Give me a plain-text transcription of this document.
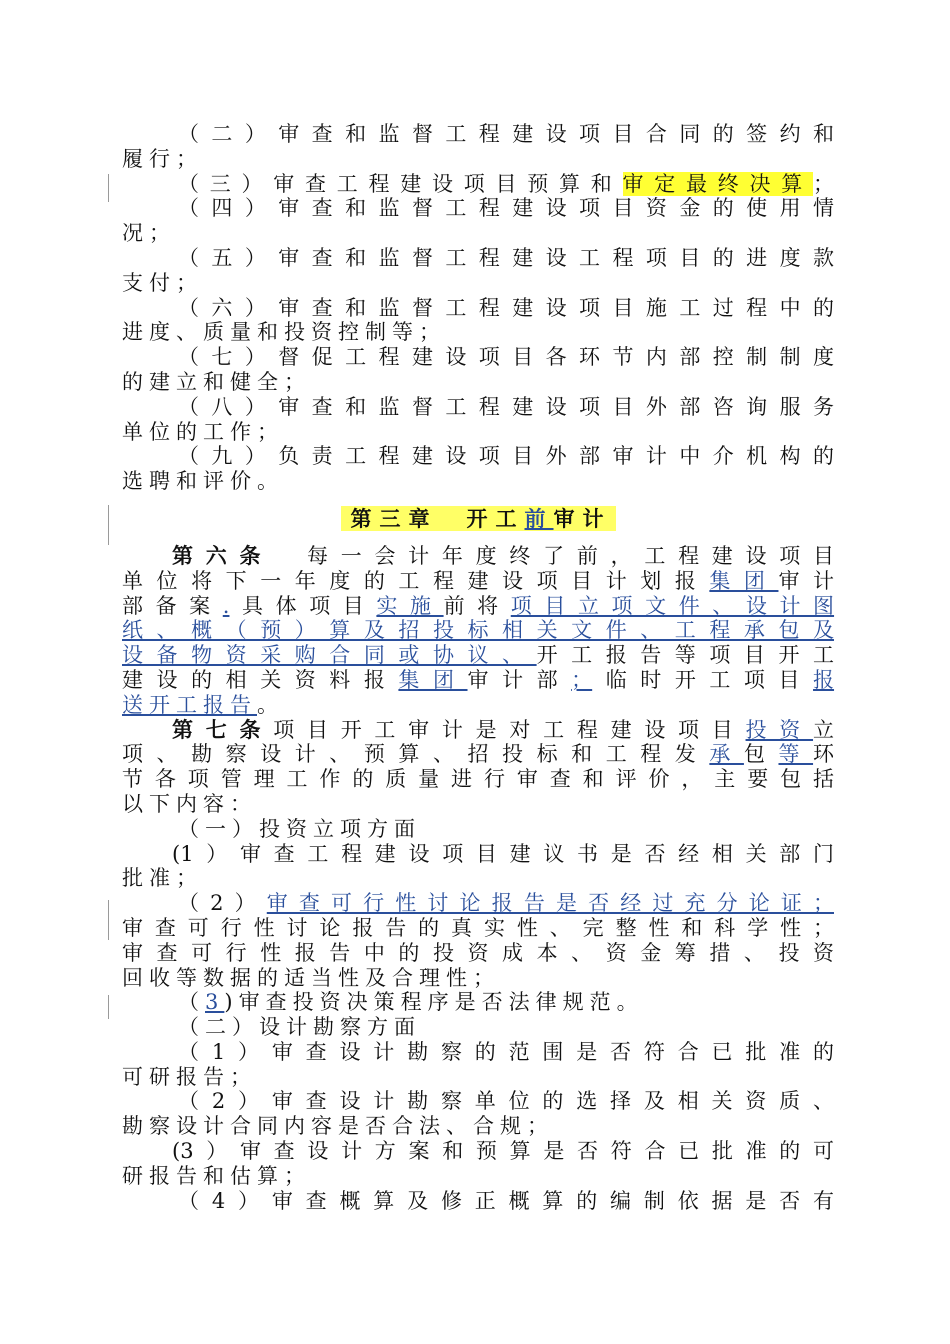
（二）审查和监督工程建设项目合同的签约和
履行；
（三）审查工程建设项目预算和审定最终决算；
（四）审查和监督工程建设项目资金的使用情
况；
（五）审查和监督工程建设工程项目的进度款
支付；
（六）审查和监督工程建设项目施工过程中的
进度、质量和投资控制等；
（七）督促工程建设项目各环节内部控制制度
的建立和健全；
（八）审查和监督工程建设项目外部咨询服务
单位的工作；
（九）负责工程建设项目外部审计中介机构的
选聘和评价。
第三章　开工前审计
第六条　 每一会计年度终了前，工程建设项目
单位将下一年度的工程建设项目计划报集团审计
部备案.具体项目实施前将项目立项文件、设计图
纸、概（预）算及招投标相关文件、工程承包及
设备物资采购合同或协议、开工报告等项目开工
建设的相关资料报集团审计部；临时开工项目报
送开工报告。
第七条项目开工审计是对工程建设项目投资立
项、勘察设计、预算、招投标和工程发承包等环
节各项管理工作的质量进行审查和评价，主要包括
以下内容：
（一）投资立项方面
(1）审查工程建设项目建议书是否经相关部门
批准；
（2）审查可行性讨论报告是否经过充分论证；
审查可行性讨论报告的真实性、完整性和科学性；
审查可行性报告中的投资成本、资金筹措、投资
回收等数据的适当性及合理性；
（3)审查投资决策程序是否法律规范。
（二）设计勘察方面
（1）审查设计勘察的范围是否符合已批准的
可研报告；
（2）审查设计勘察单位的选择及相关资质、
勘察设计合同内容是否合法、合规；
(3）审查设计方案和预算是否符合已批准的可
研报告和估算；
（4）审查概算及修正概算的编制依据是否有
